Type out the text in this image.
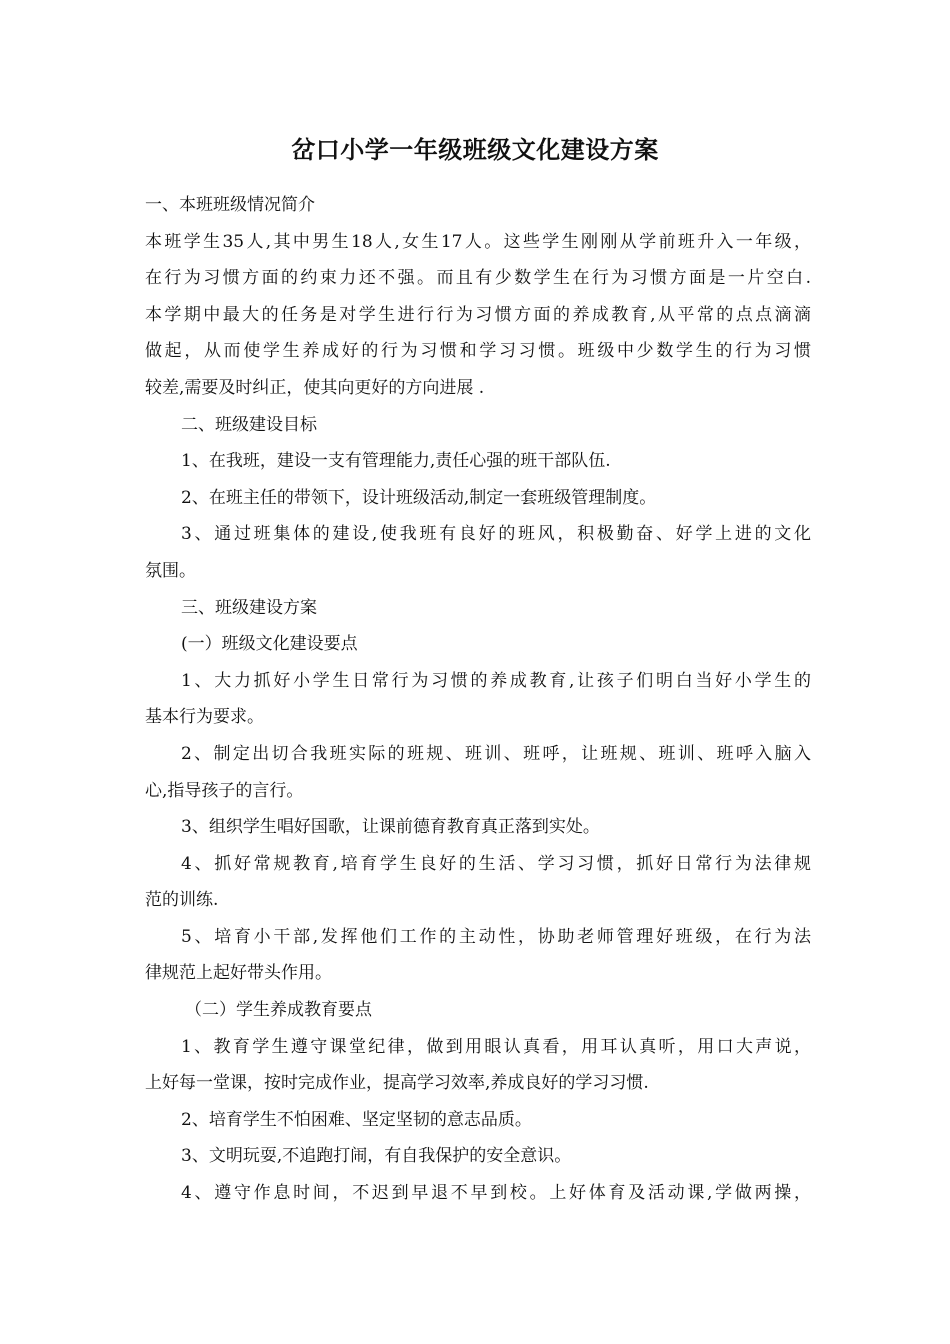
岔口小学一年级班级文化建设方案
一、本班班级情况简介
本班学生35人,其中男生18人,女生17人。这些学生刚刚从学前班升入一年级，
在行为习惯方面的约束力还不强。而且有少数学生在行为习惯方面是一片空白.
本学期中最大的任务是对学生进行行为习惯方面的养成教育,从平常的点点滴滴
做起，从而使学生养成好的行为习惯和学习习惯。班级中少数学生的行为习惯
较差,需要及时纠正，使其向更好的方向进展 .
二、班级建设目标
1、在我班，建设一支有管理能力,责任心强的班干部队伍.
2、在班主任的带领下，设计班级活动,制定一套班级管理制度。
3、通过班集体的建设,使我班有良好的班风，积极勤奋、好学上进的文化
氛围。
三、班级建设方案
(一）班级文化建设要点
1、大力抓好小学生日常行为习惯的养成教育,让孩子们明白当好小学生的
基本行为要求。
2、制定出切合我班实际的班规、班训、班呼，让班规、班训、班呼入脑入
心,指导孩子的言行。
3、组织学生唱好国歌，让课前德育教育真正落到实处。
4、抓好常规教育,培育学生良好的生活、学习习惯，抓好日常行为法律规
范的训练.
5、培育小干部,发挥他们工作的主动性，协助老师管理好班级，在行为法
律规范上起好带头作用。
（二）学生养成教育要点
1、教育学生遵守课堂纪律，做到用眼认真看，用耳认真听，用口大声说，
上好每一堂课，按时完成作业，提高学习效率,养成良好的学习习惯.
2、培育学生不怕困难、坚定坚韧的意志品质。
3、文明玩耍,不追跑打闹，有自我保护的安全意识。
4、遵守作息时间，不迟到早退不早到校。上好体育及活动课,学做两操，
